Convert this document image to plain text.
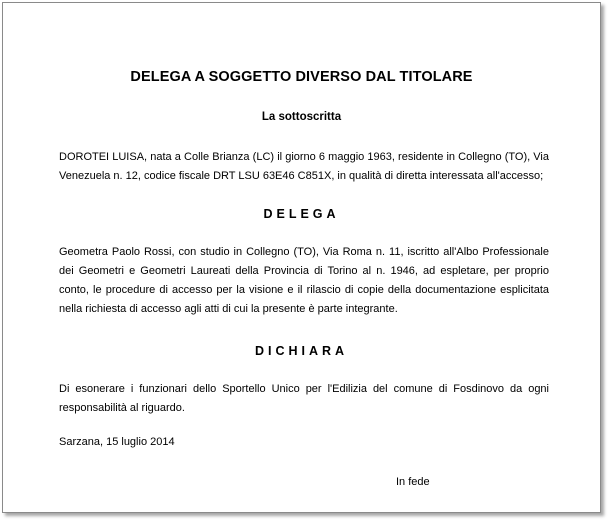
DELEGA A SOGGETTO DIVERSO DAL TITOLARE
La sottoscritta
DOROTEI LUISA, nata a Colle Brianza (LC) il giorno 6 maggio 1963, residente in Collegno (TO), Via Venezuela n. 12, codice fiscale DRT LSU 63E46 C851X, in qualità di diretta interessata all'accesso;
DELEGA
Geometra Paolo Rossi, con studio in Collegno (TO), Via Roma n. 11, iscritto all'Albo Professionale dei Geometri e Geometri Laureati della Provincia di Torino al n. 1946, ad espletare, per proprio conto, le procedure di accesso per la visione e il rilascio di copie della documentazione esplicitata nella richiesta di accesso agli atti di cui la presente è parte integrante.
DICHIARA
Di esonerare i funzionari dello Sportello Unico per l'Edilizia del comune di Fosdinovo da ogni responsabilità al riguardo.
Sarzana, 15 luglio 2014
In fede
